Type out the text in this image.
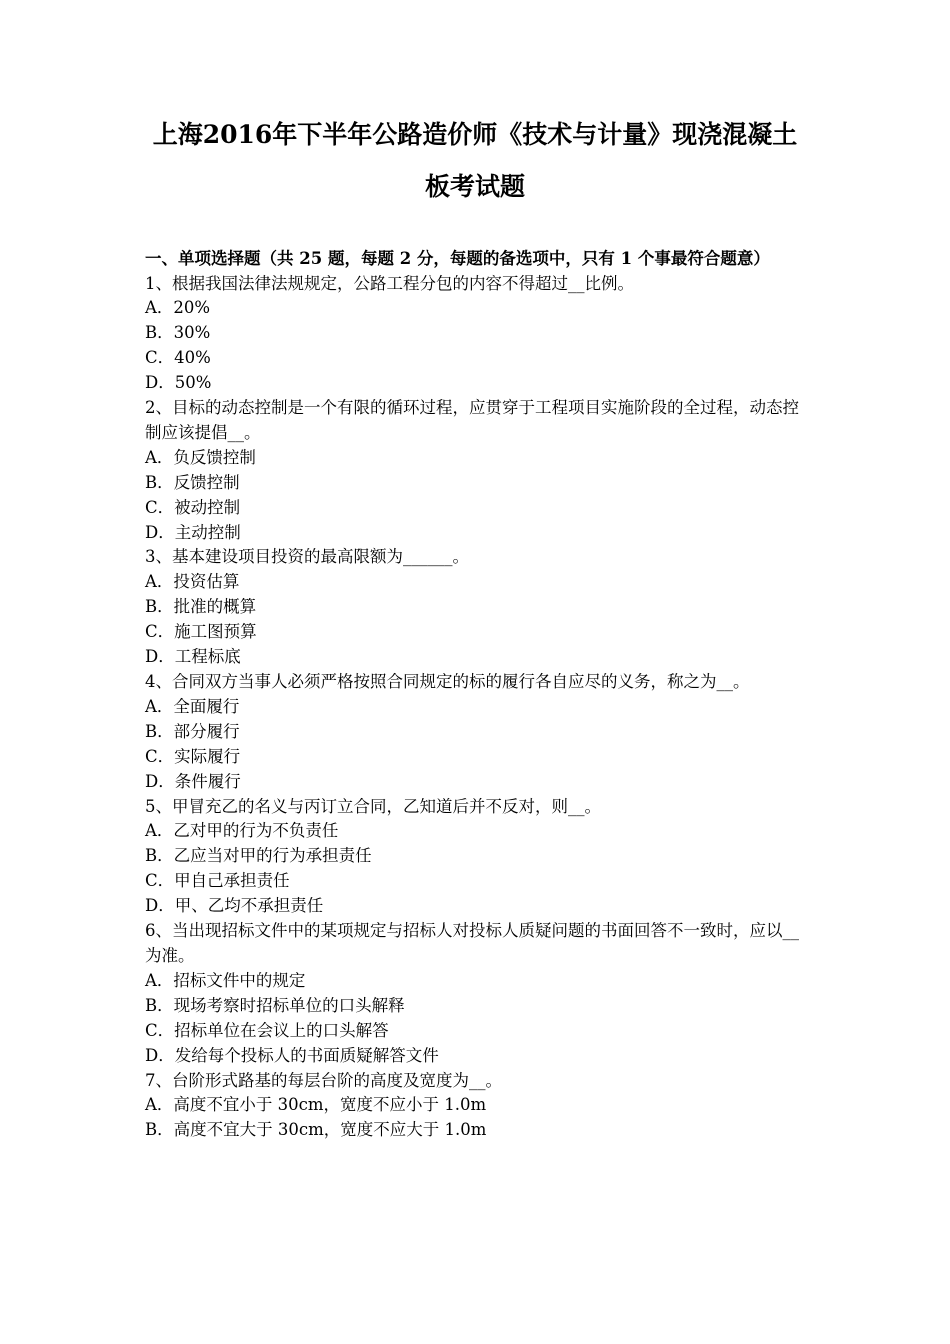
上海2016年下半年公路造价师《技术与计量》现浇混凝土
板考试题

一、单项选择题（共 25 题，每题 2 分，每题的备选项中，只有 1 个事最符合题意）

1、根据我国法律法规规定，公路工程分包的内容不得超过__比例。

A．20%

B．30%

C．40%

D．50%

2、目标的动态控制是一个有限的循环过程，应贯穿于工程项目实施阶段的全过程，动态控制应该提倡__。

A．负反馈控制

B．反馈控制

C．被动控制

D．主动控制

3、基本建设项目投资的最高限额为______。

A．投资估算

B．批准的概算

C．施工图预算

D．工程标底

4、合同双方当事人必须严格按照合同规定的标的履行各自应尽的义务，称之为__。

A．全面履行

B．部分履行

C．实际履行

D．条件履行

5、甲冒充乙的名义与丙订立合同，乙知道后并不反对，则__。

A．乙对甲的行为不负责任

B．乙应当对甲的行为承担责任

C．甲自己承担责任

D．甲、乙均不承担责任

6、当出现招标文件中的某项规定与招标人对投标人质疑问题的书面回答不一致时，应以__为准。

A．招标文件中的规定

B．现场考察时招标单位的口头解释

C．招标单位在会议上的口头解答

D．发给每个投标人的书面质疑解答文件

7、台阶形式路基的每层台阶的高度及宽度为__。

A．高度不宜小于 30cm，宽度不应小于 1.0m

B．高度不宜大于 30cm，宽度不应大于 1.0m
